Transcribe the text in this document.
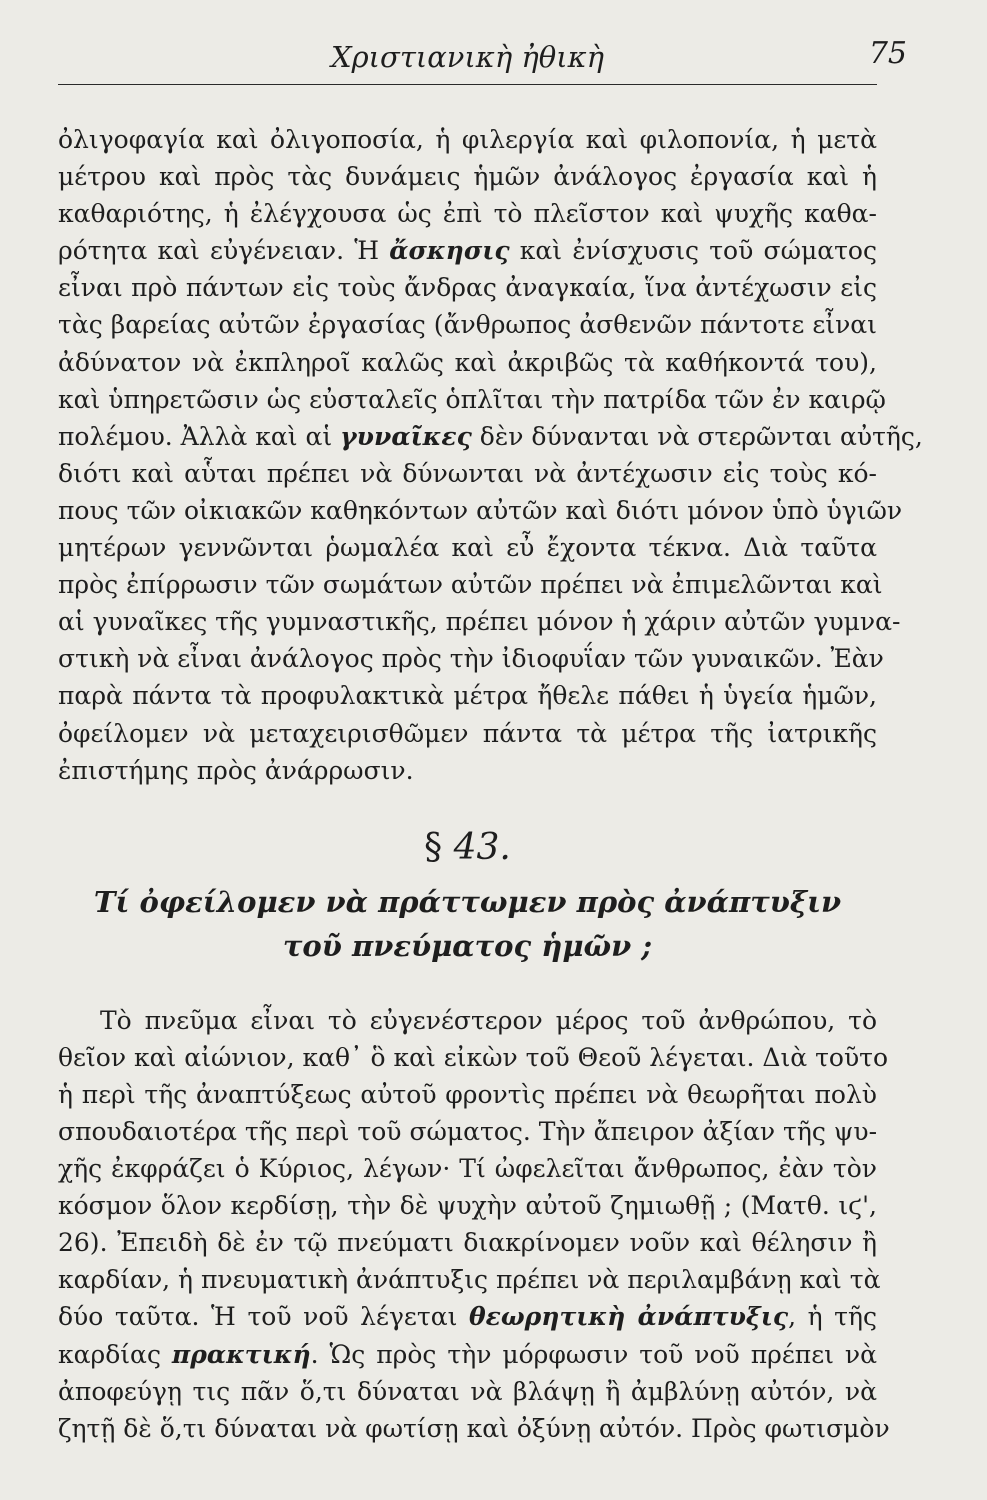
Χριστιανικὴ ἠθικὴ	75
ὀλιγοφαγία καὶ ὀλιγοποσία, ἡ φιλεργία καὶ φιλοπονία, ἡ μετὰ
μέτρου καὶ πρὸς τὰς δυνάμεις ἡμῶν ἀνάλογος ἐργασία καὶ ἡ
καθαριότης, ἡ ἐλέγχουσα ὡς ἐπὶ τὸ πλεῖστον καὶ ψυχῆς καθα-
ρότητα καὶ εὐγένειαν. Ἡ ἄσκησις καὶ ἐνίσχυσις τοῦ σώματος
εἶναι πρὸ πάντων εἰς τοὺς ἄνδρας ἀναγκαία, ἵνα ἀντέχωσιν εἰς
τὰς βαρείας αὐτῶν ἐργασίας (ἄνθρωπος ἀσθενῶν πάντοτε εἶναι
ἀδύνατον νὰ ἐκπληροῖ καλῶς καὶ ἀκριβῶς τὰ καθήκοντά του),
καὶ ὑπηρετῶσιν ὡς εὐσταλεῖς ὁπλῖται τὴν πατρίδα τῶν ἐν καιρῷ
πολέμου. Ἀλλὰ καὶ αἱ γυναῖκες δὲν δύνανται νὰ στερῶνται αὐτῆς,
διότι καὶ αὗται πρέπει νὰ δύνωνται νὰ ἀντέχωσιν εἰς τοὺς κό-
πους τῶν οἰκιακῶν καθηκόντων αὐτῶν καὶ διότι μόνον ὑπὸ ὑγιῶν
μητέρων γεννῶνται ῥωμαλέα καὶ εὖ ἔχοντα τέκνα. Διὰ ταῦτα
πρὸς ἐπίρρωσιν τῶν σωμάτων αὐτῶν πρέπει νὰ ἐπιμελῶνται καὶ
αἱ γυναῖκες τῆς γυμναστικῆς, πρέπει μόνον ἡ χάριν αὐτῶν γυμνα-
στικὴ νὰ εἶναι ἀνάλογος πρὸς τὴν ἰδιοφυΐαν τῶν γυναικῶν. Ἐὰν
παρὰ πάντα τὰ προφυλακτικὰ μέτρα ἤθελε πάθει ἡ ὑγεία ἡμῶν,
ὀφείλομεν νὰ μεταχειρισθῶμεν πάντα τὰ μέτρα τῆς ἰατρικῆς
ἐπιστήμης πρὸς ἀνάρρωσιν.
§ 43.
Τί ὀφείλομεν νὰ πράττωμεν πρὸς ἀνάπτυξιν
τοῦ πνεύματος ἡμῶν ;
Τὸ πνεῦμα εἶναι τὸ εὐγενέστερον μέρος τοῦ ἀνθρώπου, τὸ
θεῖον καὶ αἰώνιον, καθ᾽ ὃ καὶ εἰκὼν τοῦ Θεοῦ λέγεται. Διὰ τοῦτο
ἡ περὶ τῆς ἀναπτύξεως αὐτοῦ φροντὶς πρέπει νὰ θεωρῆται πολὺ
σπουδαιοτέρα τῆς περὶ τοῦ σώματος. Τὴν ἄπειρον ἀξίαν τῆς ψυ-
χῆς ἐκφράζει ὁ Κύριος, λέγων· Τί ὠφελεῖται ἄνθρωπος, ἐὰν τὸν
κόσμον ὅλον κερδίσῃ, τὴν δὲ ψυχὴν αὐτοῦ ζημιωθῇ ; (Ματθ. ιϛ',
26). Ἐπειδὴ δὲ ἐν τῷ πνεύματι διακρίνομεν νοῦν καὶ θέλησιν ἢ
καρδίαν, ἡ πνευματικὴ ἀνάπτυξις πρέπει νὰ περιλαμβάνῃ καὶ τὰ
δύο ταῦτα. Ἡ τοῦ νοῦ λέγεται θεωρητικὴ ἀνάπτυξις, ἡ τῆς
καρδίας πρακτική. Ὡς πρὸς τὴν μόρφωσιν τοῦ νοῦ πρέπει νὰ
ἀποφεύγῃ τις πᾶν ὅ,τι δύναται νὰ βλάψῃ ἢ ἀμβλύνῃ αὐτόν, νὰ
ζητῇ δὲ ὅ,τι δύναται νὰ φωτίσῃ καὶ ὀξύνῃ αὐτόν. Πρὸς φωτισμὸν
